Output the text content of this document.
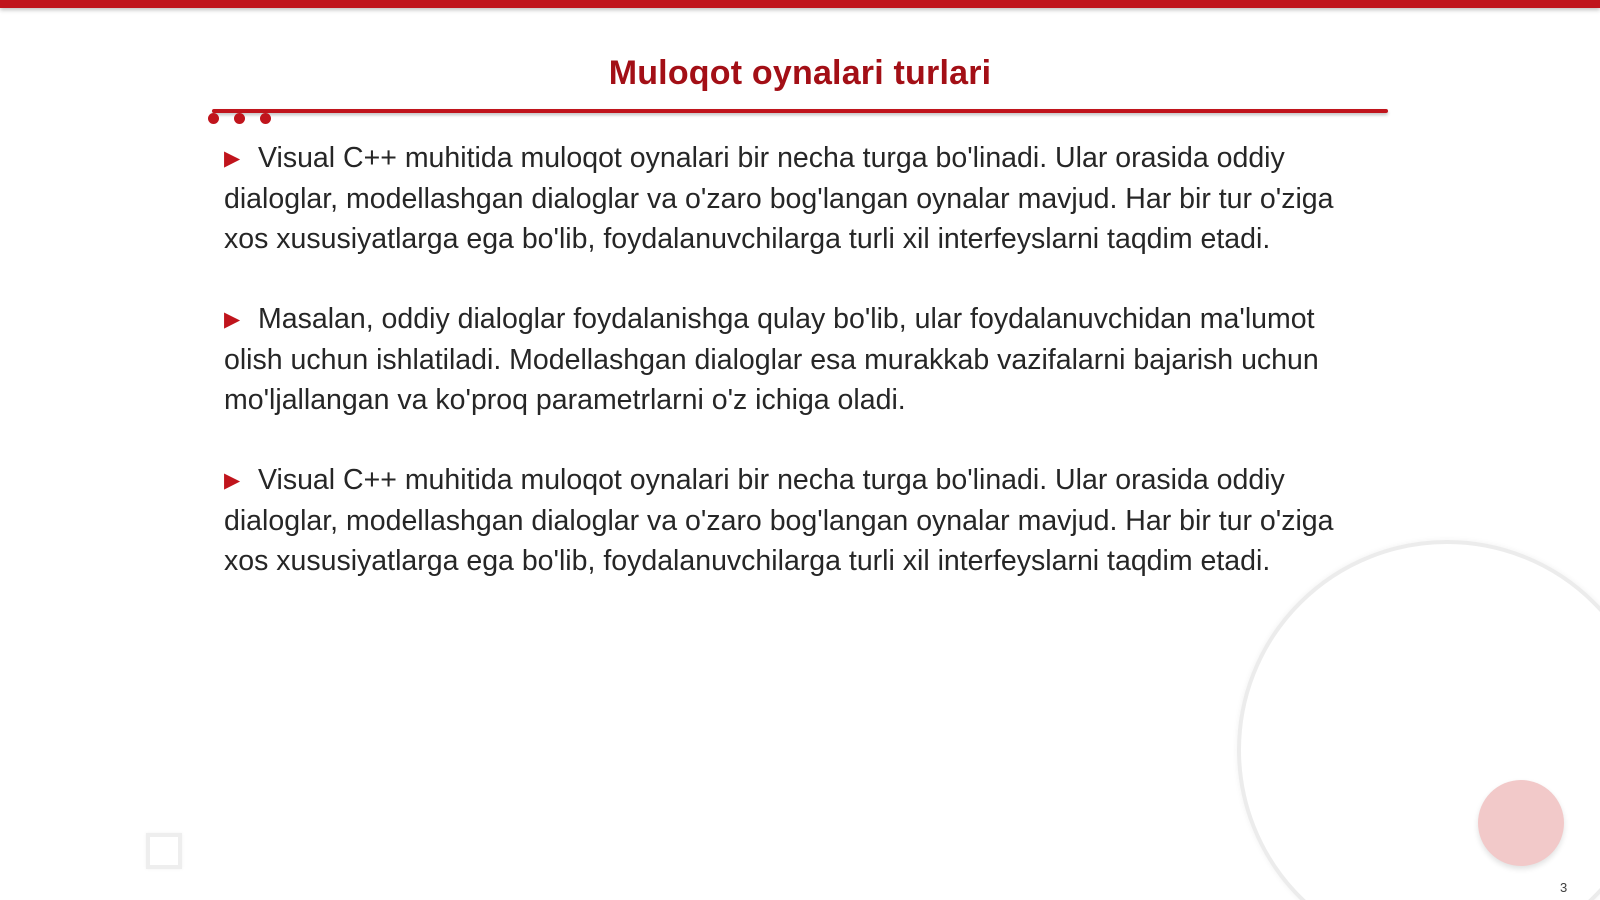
Muloqot oynalari turlari

▶ Visual C++ muhitida muloqot oynalari bir necha turga bo'linadi. Ular orasida oddiy dialoglar, modellashgan dialoglar va o'zaro bog'langan oynalar mavjud. Har bir tur o'ziga xos xususiyatlarga ega bo'lib, foydalanuvchilarga turli xil interfeyslarni taqdim etadi.

▶ Masalan, oddiy dialoglar foydalanishga qulay bo'lib, ular foydalanuvchidan ma'lumot olish uchun ishlatiladi. Modellashgan dialoglar esa murakkab vazifalarni bajarish uchun mo'ljallangan va ko'proq parametrlarni o'z ichiga oladi.

▶ Visual C++ muhitida muloqot oynalari bir necha turga bo'linadi. Ular orasida oddiy dialoglar, modellashgan dialoglar va o'zaro bog'langan oynalar mavjud. Har bir tur o'ziga xos xususiyatlarga ega bo'lib, foydalanuvchilarga turli xil interfeyslarni taqdim etadi.

3
